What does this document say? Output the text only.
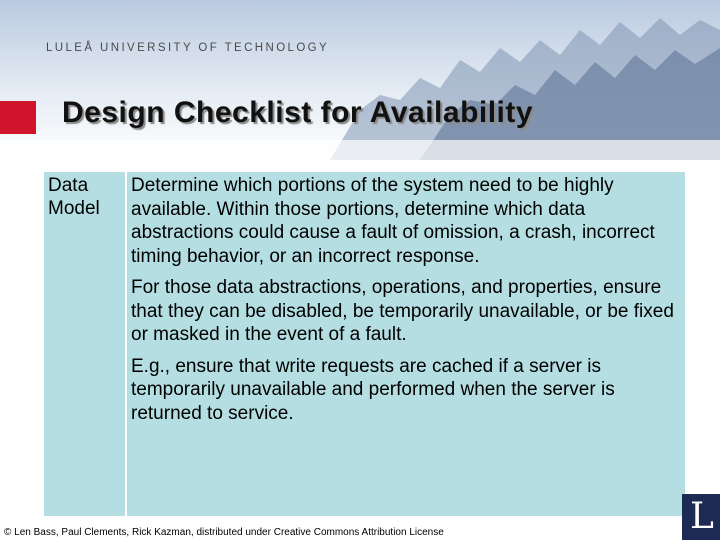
LULEÅ UNIVERSITY OF TECHNOLOGY
Design Checklist for Availability
Data Model

Determine which portions of the system need to be highly available. Within those portions, determine which data abstractions could cause a fault of omission, a crash, incorrect timing behavior, or an incorrect response.

For those data abstractions, operations, and properties, ensure that they can be disabled, be temporarily unavailable, or be fixed or masked in the event of a fault.

E.g., ensure that write requests are cached if a server is temporarily unavailable and performed when the server is returned to service.

© Len Bass, Paul Clements, Rick Kazman, distributed under Creative Commons Attribution License	L
